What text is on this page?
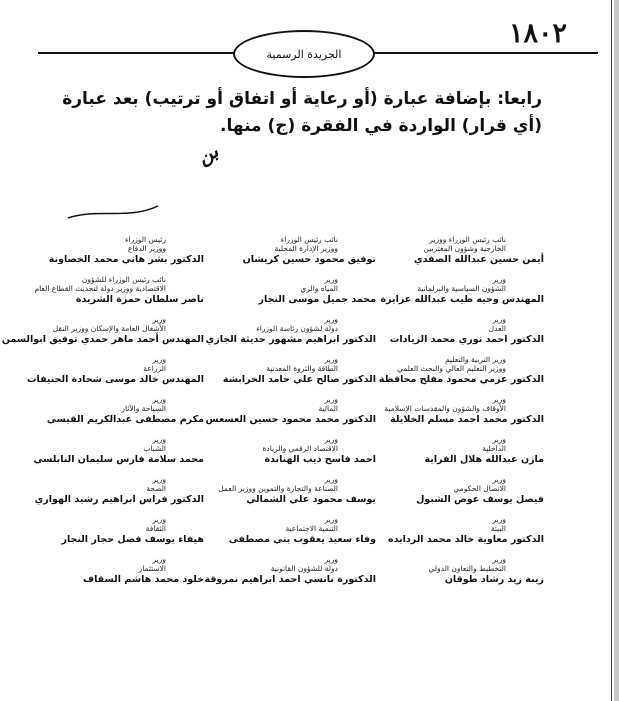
١٨٠٢
الجريدة الرسمية
رابعا: بإضافة عبارة (أو رعاية أو اتفاق أو ترتيب) بعد عبارة (أي قرار) الواردة في الفقرة (ج) منها.
نائب رئيس الوزراء ووزير
الخارجية وشؤون المغتربين
أيمن حسين عبدالله الصفدي
نائب رئيس الوزراء
ووزير الإدارة المحلية
توفيق محمود حسين كريشان
رئيس الوزراء
ووزير الدفاع
الدكتور بشر هاني محمد الخصاونة
وزير
الشؤون السياسية والبرلمانية
المهندس وجيه طيب عبدالله عزايزة
وزير
المياه والري
محمد جميل موسى النجار
نائب رئيس الوزراء للشؤون
الاقتصادية ووزير دولة لتحديث القطاع العام
ناصر سلطان حمزة الشريدة
وزير
العدل
الدكتور احمد نوري محمد الزيادات
وزير
دولة لشؤون رئاسة الوزراء
الدكتور ابراهيم مشهور حديثة الجازي
وزير
الأشغال العامة والإسكان ووزير النقل
المهندس أحمد ماهر حمدي توفيق ابوالسمن
وزير التربية والتعليم
ووزير التعليم العالي والبحث العلمي
الدكتور عزمي محمود مفلح محافظة
وزير
الطاقة والثروة المعدنية
الدكتور صالح علي حامد الخرابشة
وزير
الزراعة
المهندس خالد موسى شحادة الحنيفات
وزير
الأوقاف والشؤون والمقدسات الإسلامية
الدكتور محمد احمد مسلم الخلايلة
وزير
المالية
الدكتور محمد محمود حسين العسعس
وزير
السياحة والآثار
مكرم مصطفى عبدالكريم القيسي
وزير
الداخلية
مازن عبدالله هلال الفراية
وزير
الاقتصاد الرقمي والريادة
احمد فاسح ذيب الهناندة
وزير
الشباب
محمد سلامة فارس سليمان النابلسي
وزير
الاتصال الحكومي
فيصل يوسف عوض الشبول
وزير
الصناعة والتجارة والتموين ووزير العمل
يوسف محمود علي الشمالي
وزير
الصحة
الدكتور فراس ابراهيم رشيد الهواري
وزير
البيئة
الدكتور معاوية خالد محمد الردايده
وزير
التنمية الاجتماعية
وفاء سعيد يعقوب بني مصطفى
وزير
الثقافة
هيفاء يوسف فضل حجار النجار
وزير
التخطيط والتعاون الدولي
زينة زيد رشاد طوقان
وزير
دولة للشؤون القانونية
الدكتورة نانسي احمد ابراهيم نمروقة
وزير
الاستثمار
خلود محمد هاشم السقاف
